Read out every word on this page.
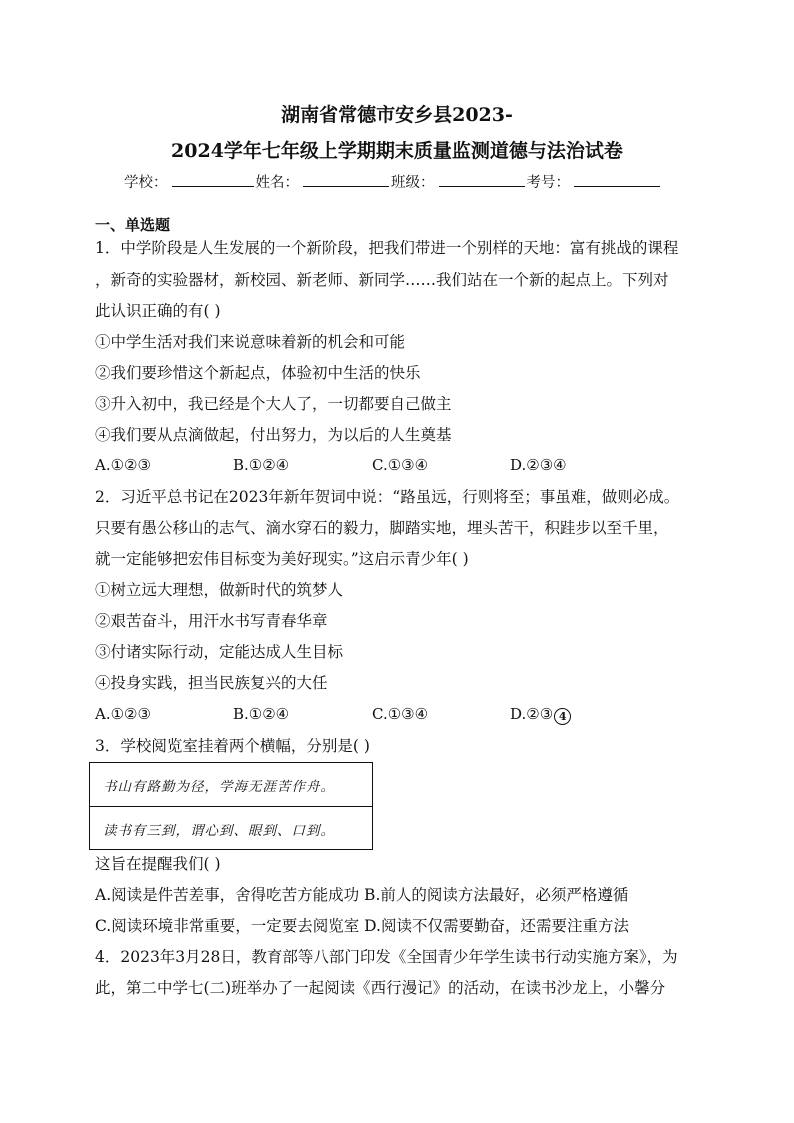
湖南省常德市安乡县2023-
2024学年七年级上学期期末质量监测道德与法治试卷
学校：	姓名：	班级：	考号：
一、单选题
1．中学阶段是人生发展的一个新阶段，把我们带进一个别样的天地：富有挑战的课程
，新奇的实验器材，新校园、新老师、新同学……我们站在一个新的起点上。下列对
此认识正确的有( )
①中学生活对我们来说意味着新的机会和可能
②我们要珍惜这个新起点，体验初中生活的快乐
③升入初中，我已经是个大人了，一切都要自己做主
④我们要从点滴做起，付出努力，为以后的人生奠基
A.①②③	B.①②④	C.①③④	D.②③④
2．习近平总书记在2023年新年贺词中说：“路虽远，行则将至；事虽难，做则必成。
只要有愚公移山的志气、滴水穿石的毅力，脚踏实地，埋头苦干，积跬步以至千里，
就一定能够把宏伟目标变为美好现实。”这启示青少年( )
①树立远大理想，做新时代的筑梦人
②艰苦奋斗，用汗水书写青春华章
③付诸实际行动，定能达成人生目标
④投身实践，担当民族复兴的大任
A.①②③	B.①②④	C.①③④	D.②③ 4
3．学校阅览室挂着两个横幅，分别是( )
书山有路勤为径，学海无涯苦作舟。
读书有三到，谓心到、眼到、口到。
这旨在提醒我们( )
A.阅读是件苦差事，舍得吃苦方能成功 B.前人的阅读方法最好，必须严格遵循
C.阅读环境非常重要，一定要去阅览室 D.阅读不仅需要勤奋，还需要注重方法
4．2023年3月28日，教育部等八部门印发《全国青少年学生读书行动实施方案》，为
此，第二中学七(二)班举办了一起阅读《西行漫记》的活动，在读书沙龙上，小馨分
